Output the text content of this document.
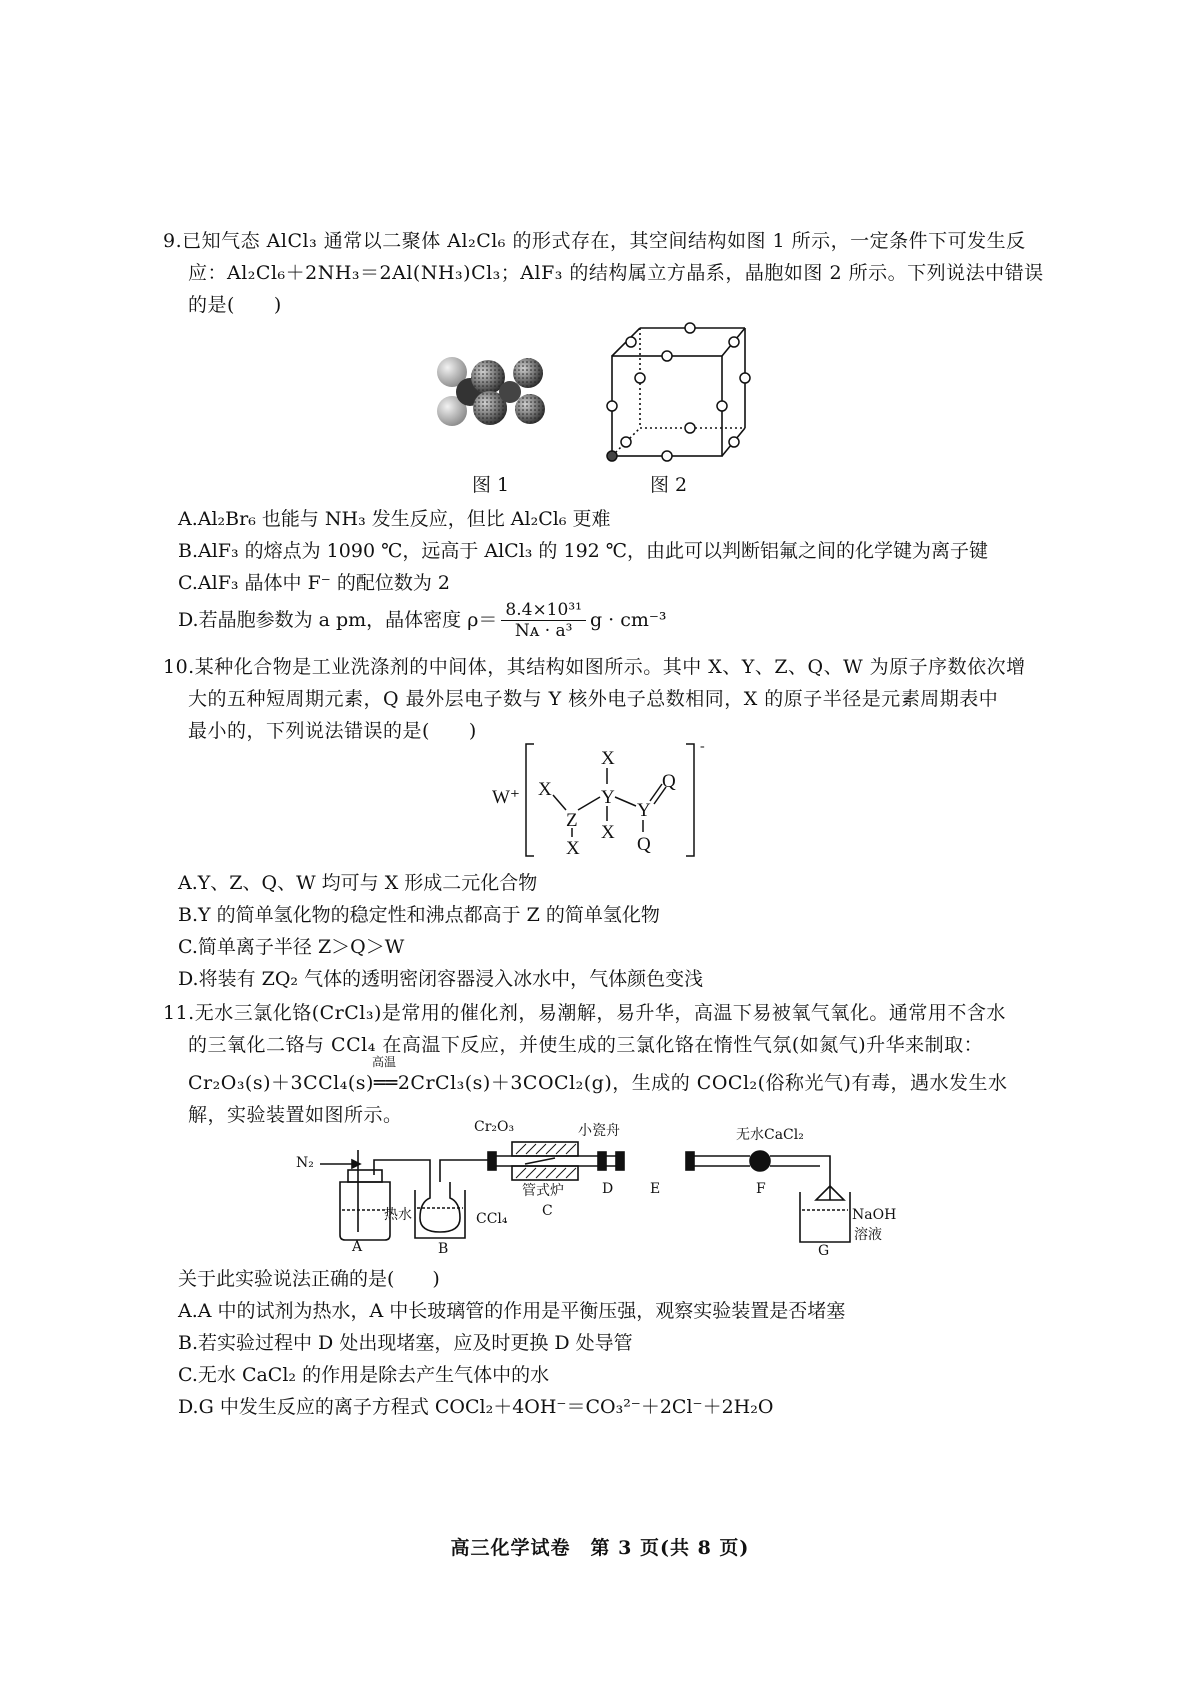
9.已知气态 AlCl₃ 通常以二聚体 Al₂Cl₆ 的形式存在，其空间结构如图 1 所示，一定条件下可发生反
应：Al₂Cl₆＋2NH₃＝2Al(NH₃)Cl₃；AlF₃ 的结构属立方晶系，晶胞如图 2 所示。下列说法中错误
的是(　　)
图 1	图 2
A.Al₂Br₆ 也能与 NH₃ 发生反应，但比 Al₂Cl₆ 更难
B.AlF₃ 的熔点为 1090 ℃，远高于 AlCl₃ 的 192 ℃，由此可以判断铝氟之间的化学键为离子键
C.AlF₃ 晶体中 F⁻ 的配位数为 2
D.若晶胞参数为 a pm，晶体密度 $\rho= \frac{\text{8.4×10³¹}}{\text{Nᴀ · a³}}$ g · cm⁻³
10.某种化合物是工业洗涤剂的中间体，其结构如图所示。其中 X、Y、Z、Q、W 为原子序数依次增
大的五种短周期元素，Q 最外层电子数与 Y 核外电子总数相同，X 的原子半径是元素周期表中
最小的，下列说法错误的是(　　)
W⁺ X
Z
X
X
Y
X
Y
Q
Q
-
A.Y、Z、Q、W 均可与 X 形成二元化合物
B.Y 的简单氢化物的稳定性和沸点都高于 Z 的简单氢化物
C.简单离子半径 Z＞Q＞W
D.将装有 ZQ₂ 气体的透明密闭容器浸入冰水中，气体颜色变浅
11.无水三氯化铬(CrCl₃)是常用的催化剂，易潮解，易升华，高温下易被氧气氧化。通常用不含水
的三氧化二铬与 CCl₄ 在高温下反应，并使生成的三氯化铬在惰性气氛(如氮气)升华来制取：
Cr₂O₃(s)＋3CCl₄(s)══2CrCl₃(s)＋3COCl₂(g)，生成的 COCl₂(俗称光气)有毒，遇水发生水
高温
解，实验装置如图所示。
N₂
Cr₂O₃	小瓷舟	无水CaCl₂
管式炉
热水	CCl₄	NaOH
溶液
A	B
C
D	E	F
G
关于此实验说法正确的是(　　)
A.A 中的试剂为热水，A 中长玻璃管的作用是平衡压强，观察实验装置是否堵塞
B.若实验过程中 D 处出现堵塞，应及时更换 D 处导管
C.无水 CaCl₂ 的作用是除去产生气体中的水
D.G 中发生反应的离子方程式 COCl₂＋4OH⁻＝CO₃²⁻＋2Cl⁻＋2H₂O
高三化学试卷　第 3 页(共 8 页)
